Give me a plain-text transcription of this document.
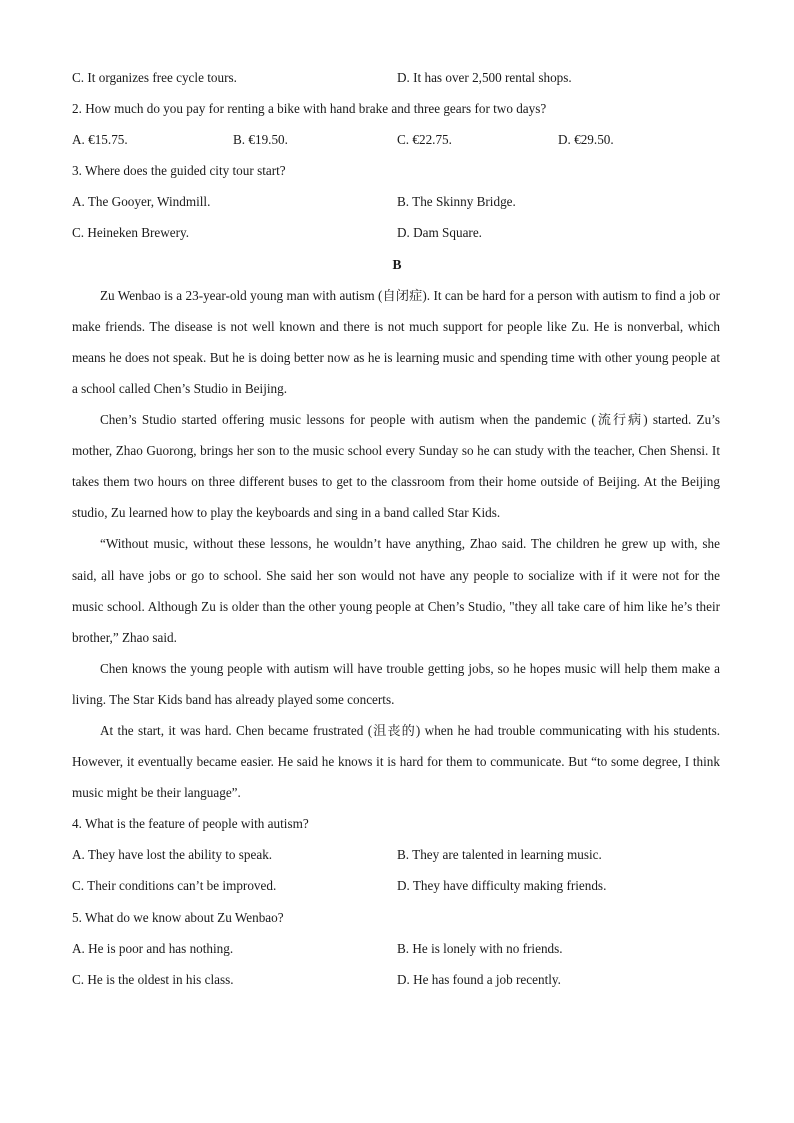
C. It organizes free cycle tours.	D. It has over 2,500 rental shops.
2. How much do you pay for renting a bike with hand brake and three gears for two days?
A. €15.75.	B. €19.50.	C. €22.75.	D. €29.50.
3. Where does the guided city tour start?
A. The Gooyer, Windmill.	B. The Skinny Bridge.
C. Heineken Brewery.	D. Dam Square.
B

Zu Wenbao is a 23-year-old young man with autism (自闭症). It can be hard for a person with autism to find a job or make friends. The disease is not well known and there is not much support for people like Zu. He is nonverbal, which means he does not speak. But he is doing better now as he is learning music and spending time with other young people at a school called Chen’s Studio in Beijing.

Chen’s Studio started offering music lessons for people with autism when the pandemic (流行病) started. Zu’s mother, Zhao Guorong, brings her son to the music school every Sunday so he can study with the teacher, Chen Shensi. It takes them two hours on three different buses to get to the classroom from their home outside of Beijing. At the Beijing studio, Zu learned how to play the keyboards and sing in a band called Star Kids.

“Without music, without these lessons, he wouldn’t have anything, Zhao said. The children he grew up with, she said, all have jobs or go to school. She said her son would not have any people to socialize with if it were not for the music school. Although Zu is older than the other young people at Chen’s Studio, "they all take care of him like he’s their brother,” Zhao said.

Chen knows the young people with autism will have trouble getting jobs, so he hopes music will help them make a living. The Star Kids band has already played some concerts.

At the start, it was hard. Chen became frustrated (沮丧的) when he had trouble communicating with his students. However, it eventually became easier. He said he knows it is hard for them to communicate. But “to some degree, I think music might be their language”.

4. What is the feature of people with autism?
A. They have lost the ability to speak.	B. They are talented in learning music.
C. Their conditions can’t be improved.	D. They have difficulty making friends.
5. What do we know about Zu Wenbao?
A. He is poor and has nothing.	B. He is lonely with no friends.
C. He is the oldest in his class.	D. He has found a job recently.
